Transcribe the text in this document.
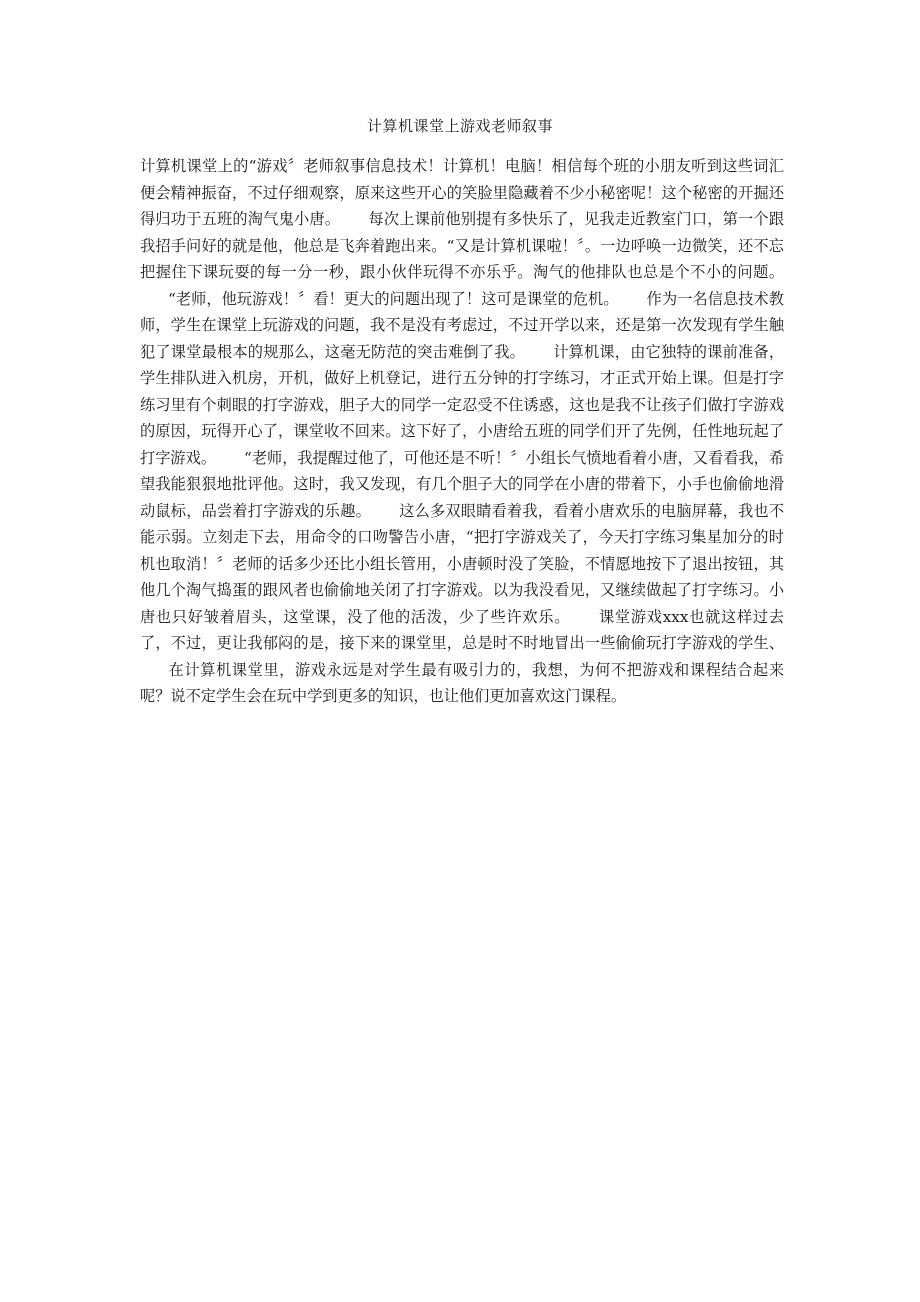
计算机课堂上游戏老师叙事

计算机课堂上的“游戏〞老师叙事信息技术！计算机！电脑！相信每个班的小朋友听到这些词汇便会精神振奋，不过仔细观察，原来这些开心的笑脸里隐藏着不少小秘密呢！这个秘密的开掘还得归功于五班的淘气鬼小唐。 每次上课前他别提有多快乐了，见我走近教室门口，第一个跟我招手问好的就是他，他总是飞奔着跑出来。“又是计算机课啦！〞。一边呼唤一边微笑，还不忘把握住下课玩耍的每一分一秒，跟小伙伴玩得不亦乐乎。淘气的他排队也总是个不小的问题。“老师，他玩游戏！〞看！更大的问题出现了！这可是课堂的危机。 作为一名信息技术教师，学生在课堂上玩游戏的问题，我不是没有考虑过，不过开学以来，还是第一次发现有学生触犯了课堂最根本的规那么，这毫无防范的突击难倒了我。 计算机课，由它独特的课前准备，学生排队进入机房，开机，做好上机登记，进行五分钟的打字练习，才正式开始上课。但是打字练习里有个刺眼的打字游戏，胆子大的同学一定忍受不住诱惑，这也是我不让孩子们做打字游戏的原因，玩得开心了，课堂收不回来。这下好了，小唐给五班的同学们开了先例，任性地玩起了打字游戏。 “老师，我提醒过他了，可他还是不听！〞小组长气愤地看着小唐，又看看我，希望我能狠狠地批评他。这时，我又发现，有几个胆子大的同学在小唐的带着下，小手也偷偷地滑动鼠标，品尝着打字游戏的乐趣。 这么多双眼睛看着我，看着小唐欢乐的电脑屏幕，我也不能示弱。立刻走下去，用命令的口吻警告小唐，“把打字游戏关了，今天打字练习集星加分的时机也取消！〞老师的话多少还比小组长管用，小唐顿时没了笑脸，不情愿地按下了退出按钮，其他几个淘气捣蛋的跟风者也偷偷地关闭了打字游戏。以为我没看见，又继续做起了打字练习。小唐也只好皱着眉头，这堂课，没了他的活泼，少了些许欢乐。 课堂游戏xxx也就这样过去了，不过，更让我郁闷的是，接下来的课堂里，总是时不时地冒出一些偷偷玩打字游戏的学生、在计算机课堂里，游戏永远是对学生最有吸引力的，我想，为何不把游戏和课程结合起来呢？说不定学生会在玩中学到更多的知识，也让他们更加喜欢这门课程。
